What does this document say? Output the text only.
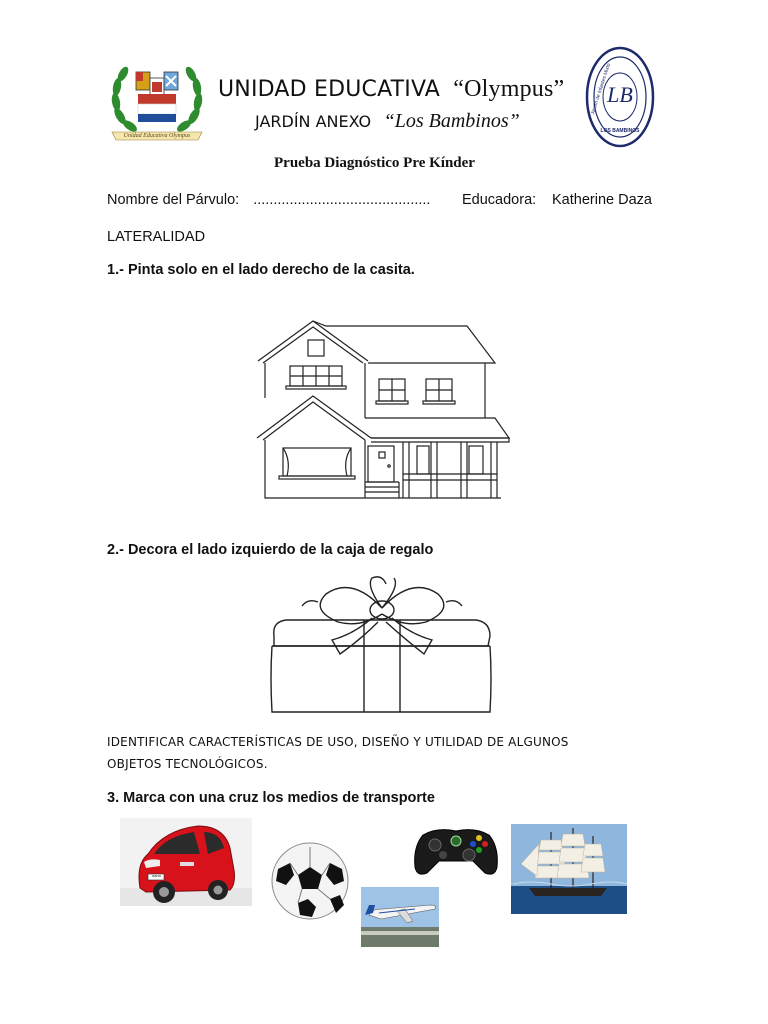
Unidad Educativa Olympus
UNIDAD EDUCATIVA “Olympus”
JARDÍN ANEXO “Los Bambinos”
LB
Jardín de Infantes Mixto
LOS BAMBINOS
Prueba Diagnóstico Pre Kínder
Nombre del Párvulo: ............................................ Educadora: Katherine Daza
LATERALIDAD
1.- Pinta solo en el lado derecho de la casita.
2.- Decora el lado izquierdo de la caja de regalo
IDENTIFICAR CARACTERÍSTICAS DE USO, DISEÑO Y UTILIDAD DE ALGUNOS OBJETOS TECNOLÓGICOS.
3. Marca con una cruz los medios de transporte
nano
